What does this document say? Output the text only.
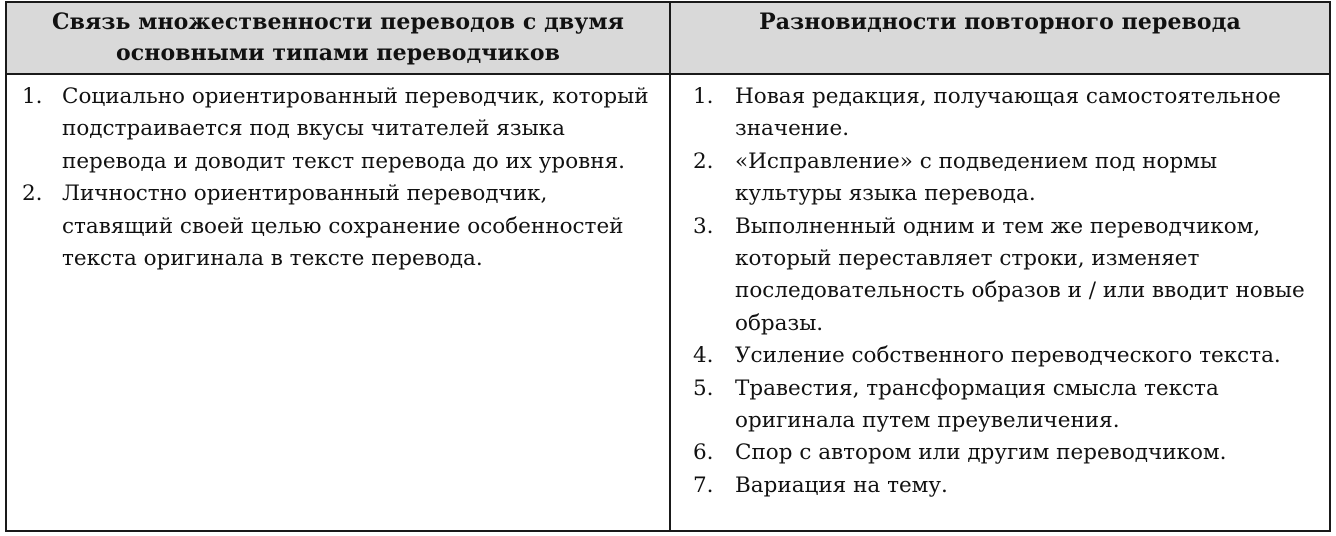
Связь множественности переводов с двумя основными типами переводчиков
Разновидности повторного перевода
1. Социально ориентированный переводчик, который подстраивается под вкусы читателей языка перевода и доводит текст перевода до их уровня.
2. Личностно ориентированный переводчик, ставящий своей целью сохранение особенностей текста оригинала в тексте перевода.
1. Новая редакция, получающая самостоятельное значение.
2. «Исправление» с подведением под нормы культуры языка перевода.
3. Выполненный одним и тем же переводчиком, который переставляет строки, изменяет последовательность образов и / или вводит новые образы.
4. Усиление собственного переводческого текста.
5. Травестия, трансформация смысла текста оригинала путем преувеличения.
6. Спор с автором или другим переводчиком.
7. Вариация на тему.
